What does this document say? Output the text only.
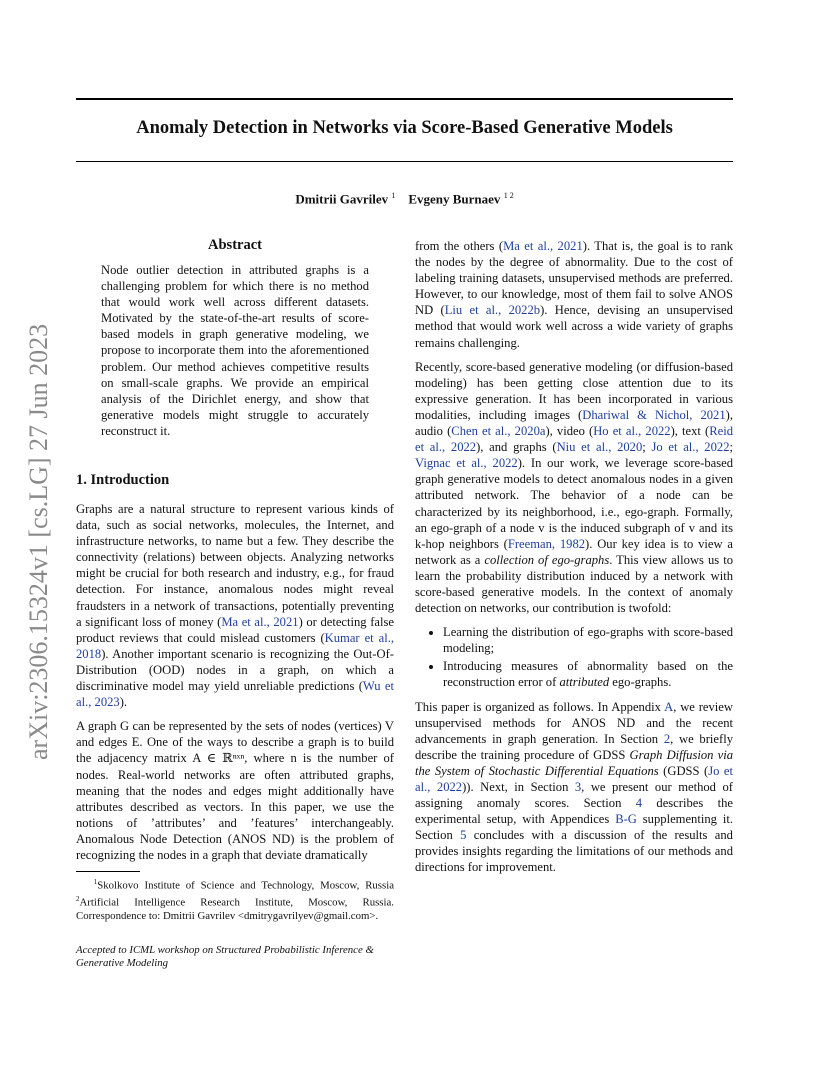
arXiv:2306.15324v1 [cs.LG] 27 Jun 2023
Anomaly Detection in Networks via Score-Based Generative Models
Dmitrii Gavrilev $^1$ Evgeny Burnaev $^{1 2}$
Abstract
Node outlier detection in attributed graphs is a challenging problem for which there is no method that would work well across different datasets. Motivated by the state-of-the-art results of score-based models in graph generative modeling, we propose to incorporate them into the aforementioned problem. Our method achieves competitive results on small-scale graphs. We provide an empirical analysis of the Dirichlet energy, and show that generative models might struggle to accurately reconstruct it.
1. Introduction

Graphs are a natural structure to represent various kinds of data, such as social networks, molecules, the Internet, and infrastructure networks, to name but a few. They describe the connectivity (relations) between objects. Analyzing networks might be crucial for both research and industry, e.g., for fraud detection. For instance, anomalous nodes might reveal fraudsters in a network of transactions, potentially preventing a significant loss of money (Ma et al., 2021) or detecting false product reviews that could mislead customers (Kumar et al., 2018). Another important scenario is recognizing the Out-Of-Distribution (OOD) nodes in a graph, on which a discriminative model may yield unreliable predictions (Wu et al., 2023).

A graph G can be represented by the sets of nodes (vertices) V and edges E. One of the ways to describe a graph is to build the adjacency matrix A ∈ ℝⁿˣⁿ, where n is the number of nodes. Real-world networks are often attributed graphs, meaning that the nodes and edges might additionally have attributes described as vectors. In this paper, we use the notions of ’attributes’ and ’features’ interchangeably. Anomalous Node Detection (ANOS ND) is the problem of recognizing the nodes in a graph that deviate dramatically

$^1$Skolkovo Institute of Science and Technology, Moscow, Russia $^2$Artificial Intelligence Research Institute, Moscow, Russia. Correspondence to: Dmitrii Gavrilev <dmitrygavrilyev@gmail.com>.
Accepted to ICML workshop on Structured Probabilistic Inference & Generative Modeling

from the others (Ma et al., 2021). That is, the goal is to rank the nodes by the degree of abnormality. Due to the cost of labeling training datasets, unsupervised methods are preferred. However, to our knowledge, most of them fail to solve ANOS ND (Liu et al., 2022b). Hence, devising an unsupervised method that would work well across a wide variety of graphs remains challenging.

Recently, score-based generative modeling (or diffusion-based modeling) has been getting close attention due to its expressive generation. It has been incorporated in various modalities, including images (Dhariwal & Nichol, 2021), audio (Chen et al., 2020a), video (Ho et al., 2022), text (Reid et al., 2022), and graphs (Niu et al., 2020; Jo et al., 2022; Vignac et al., 2022). In our work, we leverage score-based graph generative models to detect anomalous nodes in a given attributed network. The behavior of a node can be characterized by its neighborhood, i.e., ego-graph. Formally, an ego-graph of a node v is the induced subgraph of v and its k-hop neighbors (Freeman, 1982). Our key idea is to view a network as a collection of ego-graphs. This view allows us to learn the probability distribution induced by a network with score-based generative models. In the context of anomaly detection on networks, our contribution is twofold:

• Learning the distribution of ego-graphs with score-based modeling;
• Introducing measures of abnormality based on the reconstruction error of attributed ego-graphs.

This paper is organized as follows. In Appendix A, we review unsupervised methods for ANOS ND and the recent advancements in graph generation. In Section 2, we briefly describe the training procedure of GDSS Graph Diffusion via the System of Stochastic Differential Equations (GDSS (Jo et al., 2022)). Next, in Section 3, we present our method of assigning anomaly scores. Section 4 describes the experimental setup, with Appendices B-G supplementing it. Section 5 concludes with a discussion of the results and provides insights regarding the limitations of our methods and directions for improvement.
